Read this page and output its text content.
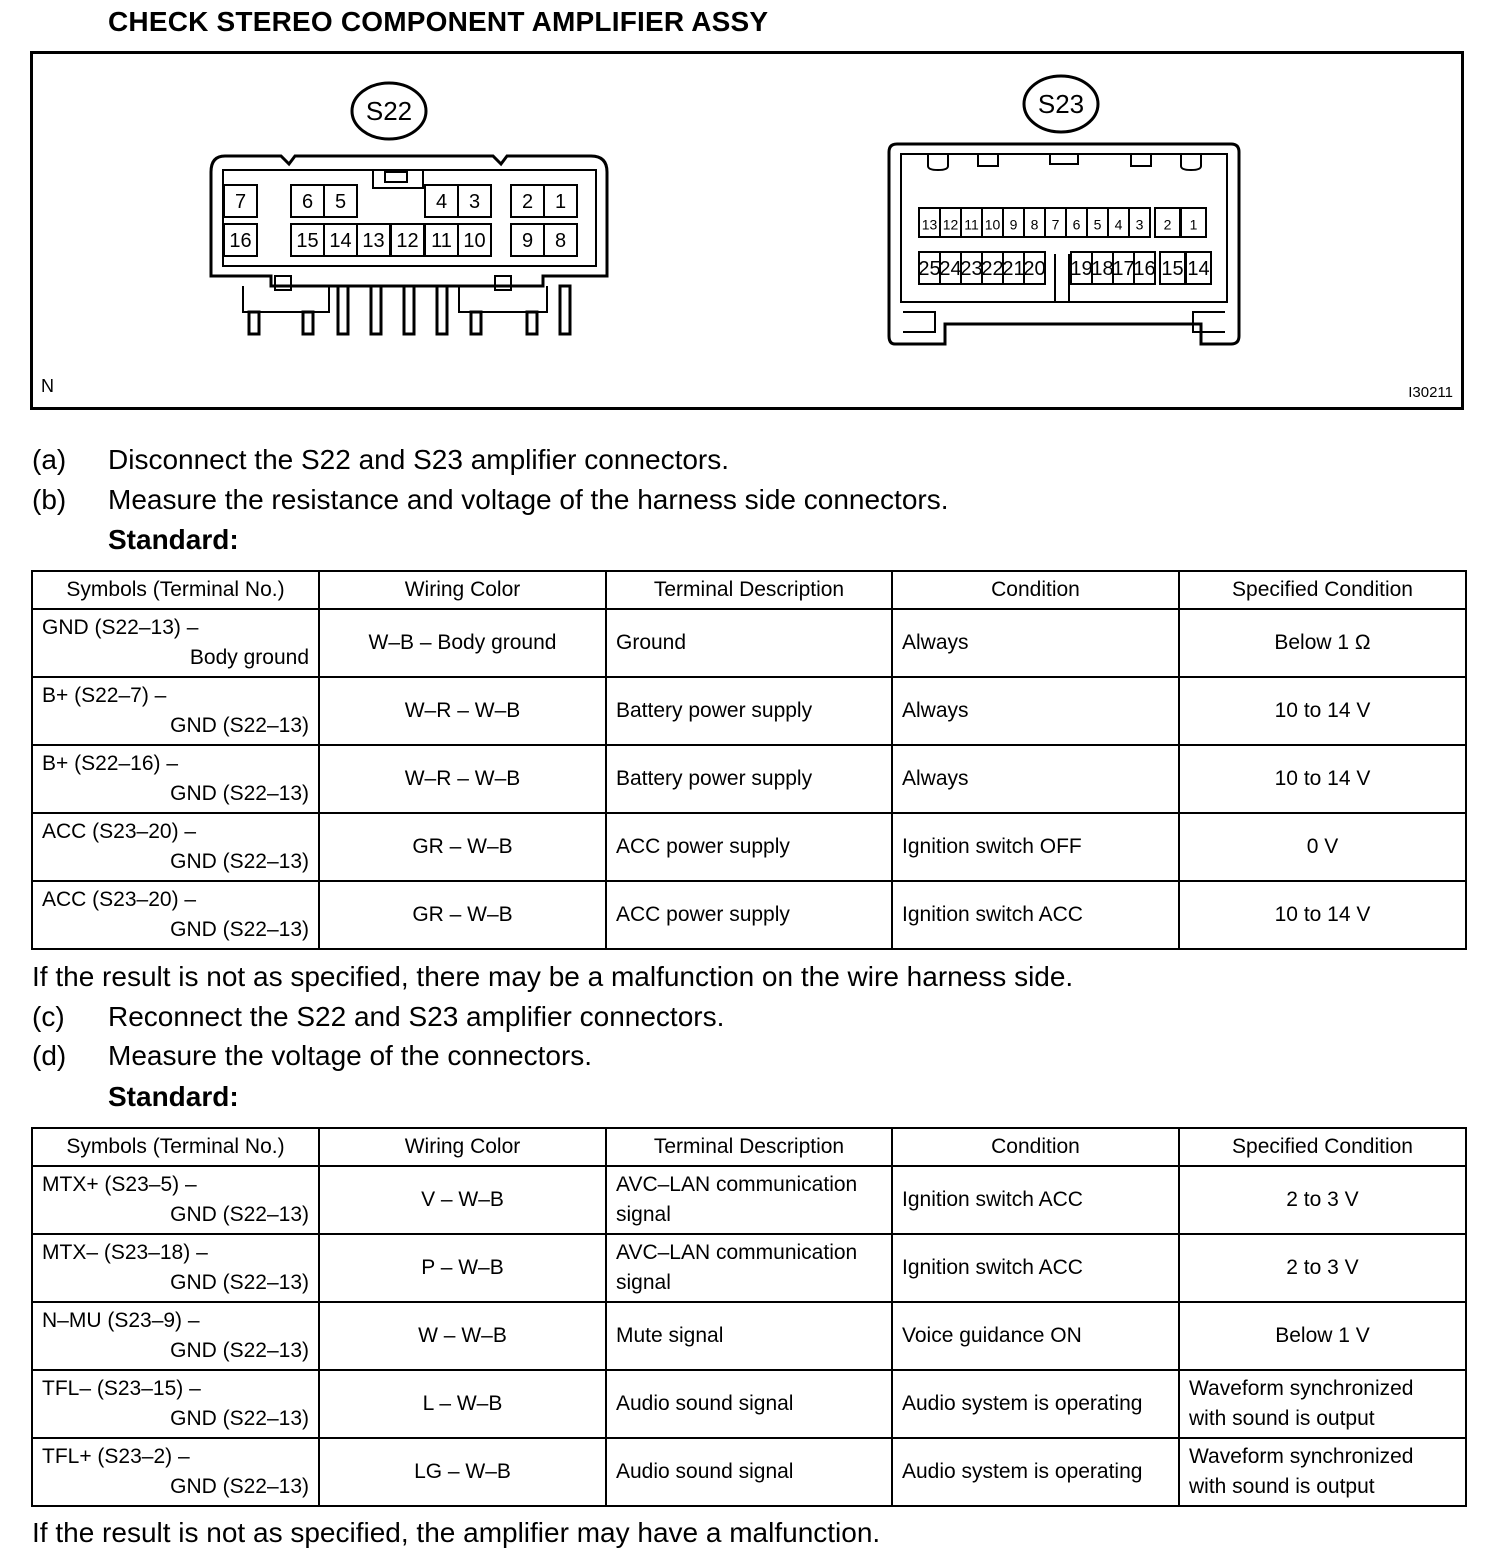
CHECK STEREO COMPONENT AMPLIFIER ASSY
7	6 5	4 3 2 1
16 15 14 13 12 11 10 9 8
13 12 11 10 9 8 7 6 5 4 3 2 1
25
24
23
22
21
20 19
18
17
16 15 14
S22	S23
N	I30211
(a) Disconnect the S22 and S23 amplifier connectors.
(b) Measure the resistance and voltage of the harness side connectors.
Standard:
Symbols (Terminal No.)	Wiring Color	Terminal Description	Condition	Specified Condition

GND (S22–13) –
Body ground	W–B – Body ground	Ground	Always	Below 1 Ω

B+ (S22–7) –
GND (S22–13)	W–R – W–B	Battery power supply	Always	10 to 14 V

B+ (S22–16) –
GND (S22–13)	W–R – W–B	Battery power supply	Always	10 to 14 V

ACC (S23–20) –
GND (S22–13)	GR – W–B	ACC power supply	Ignition switch OFF	0 V

ACC (S23–20) –
GND (S22–13)	GR – W–B	ACC power supply	Ignition switch ACC	10 to 14 V
If the result is not as specified, there may be a malfunction on the wire harness side.
(c) Reconnect the S22 and S23 amplifier connectors.
(d) Measure the voltage of the connectors.
Standard:
Symbols (Terminal No.)	Wiring Color	Terminal Description	Condition	Specified Condition

MTX+ (S23–5) –
GND (S22–13)	V – W–B	AVC–LAN communication signal	Ignition switch ACC	2 to 3 V

MTX– (S23–18) –
GND (S22–13)	P – W–B	AVC–LAN communication signal	Ignition switch ACC	2 to 3 V

N–MU (S23–9) –
GND (S22–13)	W – W–B	Mute signal	Voice guidance ON	Below 1 V

TFL– (S23–15) –
GND (S22–13)	L – W–B	Audio sound signal	Audio system is operating	Waveform synchronized with sound is output

TFL+ (S23–2) –
GND (S22–13)	LG – W–B	Audio sound signal	Audio system is operating	Waveform synchronized with sound is output
If the result is not as specified, the amplifier may have a malfunction.
